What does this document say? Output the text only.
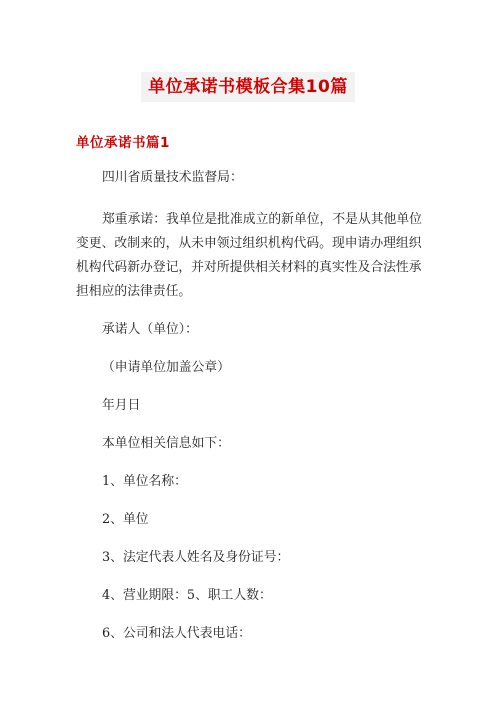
单位承诺书模板合集10篇
单位承诺书篇1

四川省质量技术监督局：

郑重承诺：我单位是批准成立的新单位，不是从其他单位变更、改制来的，从未申领过组织机构代码。现申请办理组织机构代码新办登记，并对所提供相关材料的真实性及合法性承担相应的法律责任。

承诺人（单位）：

（申请单位加盖公章）

年月日

本单位相关信息如下：

1、单位名称：

2、单位

3、法定代表人姓名及身份证号：

4、营业期限：5、职工人数：

6、公司和法人代表电话：
